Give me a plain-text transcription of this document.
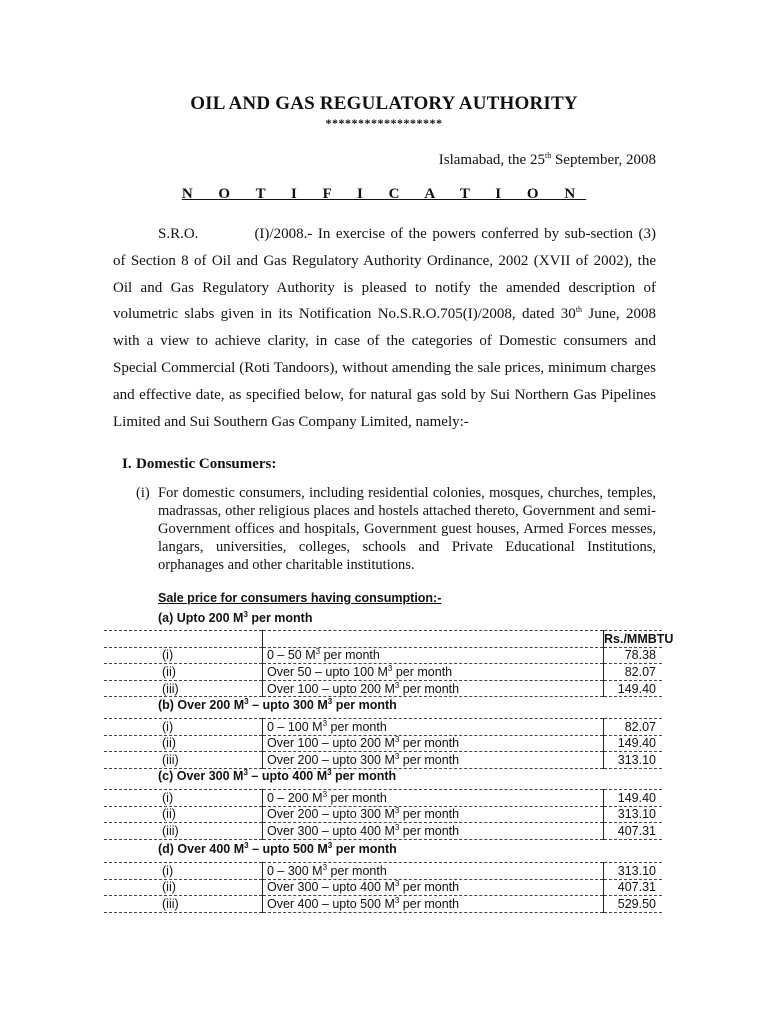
OIL AND GAS REGULATORY AUTHORITY
******************
Islamabad, the 25th September, 2008
N O T I F I C A T I O N
S.R.O.	(I)/2008.- In exercise of the powers conferred by sub-section (3) of Section 8 of Oil and Gas Regulatory Authority Ordinance, 2002 (XVII of 2002), the Oil and Gas Regulatory Authority is pleased to notify the amended description of volumetric slabs given in its Notification No.S.R.O.705(I)/2008, dated 30th June, 2008 with a view to achieve clarity, in case of the categories of Domestic consumers and Special Commercial (Roti Tandoors), without amending the sale prices, minimum charges and effective date, as specified below, for natural gas sold by Sui Northern Gas Pipelines Limited and Sui Southern Gas Company Limited, namely:-
I. Domestic Consumers:
(i) For domestic consumers, including residential colonies, mosques, churches, temples, madrassas, other religious places and hostels attached thereto, Government and semi-Government offices and hospitals, Government guest houses, Armed Forces messes, langars, universities, colleges, schools and Private Educational Institutions, orphanages and other charitable institutions.
Sale price for consumers having consumption:-
(a) Upto 200 $M^3$ per month
		Rs./MMBTU
(i)	0 – 50 $M^3$ per month	78.38
(ii)	Over 50 – upto 100 $M^3$ per month	82.07
(iii)	Over 100 – upto 200 $M^3$ per month	149.40
(b) Over 200 $M^3$ – upto 300 $M^3$ per month
(i)	0 – 100 $M^3$ per month	82.07
(ii)	Over 100 – upto 200 $M^3$ per month	149.40
(iii)	Over 200 – upto 300 $M^3$ per month	313.10
(c) Over 300 $M^3$ – upto 400 $M^3$ per month
(i)	0 – 200 $M^3$ per month	149.40
(ii)	Over 200 – upto 300 $M^3$ per month	313.10
(iii)	Over 300 – upto 400 $M^3$ per month	407.31
(d) Over 400 $M^3$ – upto 500 $M^3$ per month
(i)	0 – 300 $M^3$ per month	313.10
(ii)	Over 300 – upto 400 $M^3$ per month	407.31
(iii)	Over 400 – upto 500 $M^3$ per month	529.50
